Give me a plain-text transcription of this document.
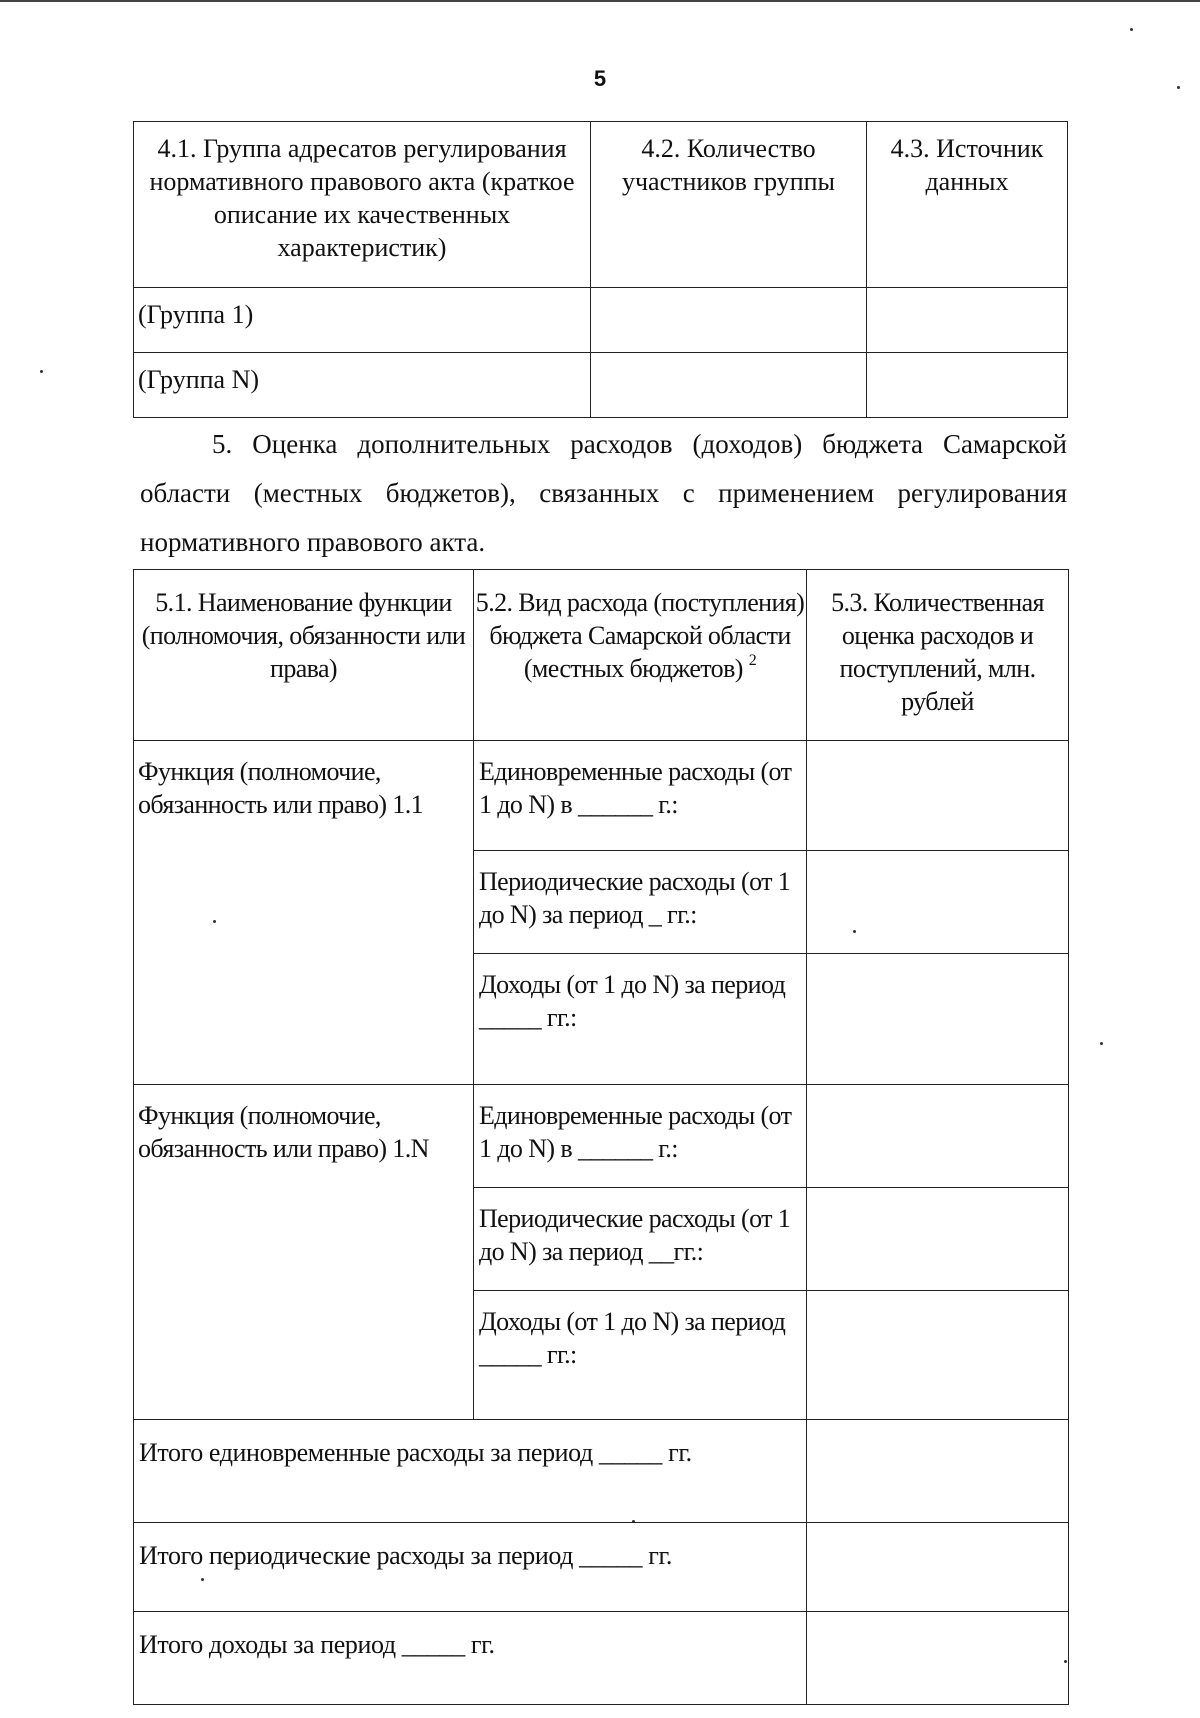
5
4.1. Группа адресатов регулирования нормативного правового акта (краткое описание их качественных характеристик)	4.2. Количество участников группы	4.3. Источник данных
(Группа 1)		
(Группа N)		
5. Оценка дополнительных расходов (доходов) бюджета Самарской области (местных бюджетов), связанных с применением регулирования нормативного правового акта.
5.1. Наименование функции (полномочия, обязанности или права)	5.2. Вид расхода (поступления) бюджета Самарской области (местных бюджетов) $^2$	5.3. Количественная оценка расходов и поступлений, млн. рублей
Функция (полномочие, обязанность или право) 1.1	Единовременные расходы (от 1 до N) в ______ г.:	
	Периодические расходы (от 1 до N) за период _ гг.:	
	Доходы (от 1 до N) за период _____ гг.:	
Функция (полномочие, обязанность или право) 1.N	Единовременные расходы (от 1 до N) в ______ г.:	
	Периодические расходы (от 1 до N) за период __гг.:	
	Доходы (от 1 до N) за период _____ гг.:	
Итого единовременные расходы за период _____ гг.		
Итого периодические расходы за период _____ гг.		
Итого доходы за период _____ гг.		
